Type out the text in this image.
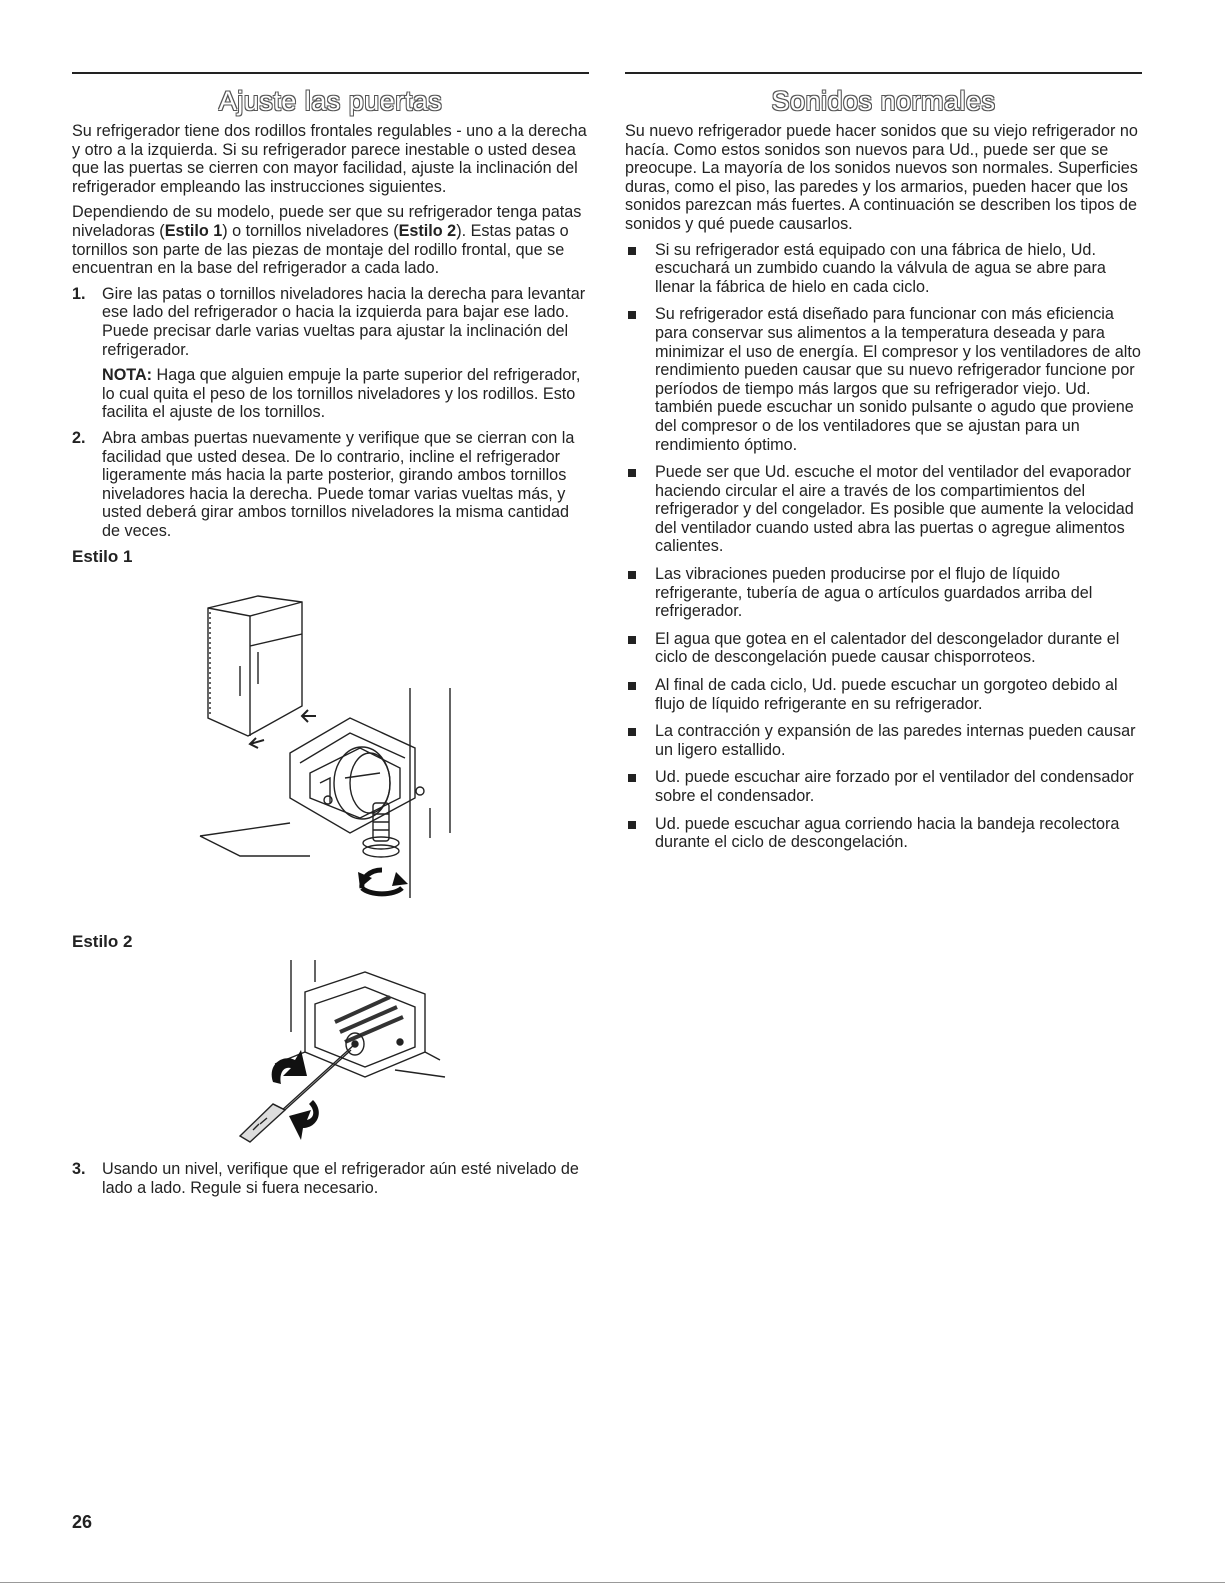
Ajuste las puertas

Su refrigerador tiene dos rodillos frontales regulables - uno a la derecha y otro a la izquierda. Si su refrigerador parece inestable o usted desea que las puertas se cierren con mayor facilidad, ajuste la inclinación del refrigerador empleando las instrucciones siguientes.

Dependiendo de su modelo, puede ser que su refrigerador tenga patas niveladoras (Estilo 1) o tornillos niveladores (Estilo 2). Estas patas o tornillos son parte de las piezas de montaje del rodillo frontal, que se encuentran en la base del refrigerador a cada lado.

1. Gire las patas o tornillos niveladores hacia la derecha para levantar ese lado del refrigerador o hacia la izquierda para bajar ese lado. Puede precisar darle varias vueltas para ajustar la inclinación del refrigerador.

NOTA: Haga que alguien empuje la parte superior del refrigerador, lo cual quita el peso de los tornillos niveladores y los rodillos. Esto facilita el ajuste de los tornillos.

2. Abra ambas puertas nuevamente y verifique que se cierran con la facilidad que usted desea. De lo contrario, incline el refrigerador ligeramente más hacia la parte posterior, girando ambos tornillos niveladores hacia la derecha. Puede tomar varias vueltas más, y usted deberá girar ambos tornillos niveladores la misma cantidad de veces.

Estilo 1
Estilo 2
3. Usando un nivel, verifique que el refrigerador aún esté nivelado de lado a lado. Regule si fuera necesario.

Sonidos normales

Su nuevo refrigerador puede hacer sonidos que su viejo refrigerador no hacía. Como estos sonidos son nuevos para Ud., puede ser que se preocupe. La mayoría de los sonidos nuevos son normales. Superficies duras, como el piso, las paredes y los armarios, pueden hacer que los sonidos parezcan más fuertes. A continuación se describen los tipos de sonidos y qué puede causarlos.

Si su refrigerador está equipado con una fábrica de hielo, Ud. escuchará un zumbido cuando la válvula de agua se abre para llenar la fábrica de hielo en cada ciclo.
Su refrigerador está diseñado para funcionar con más eficiencia para conservar sus alimentos a la temperatura deseada y para minimizar el uso de energía. El compresor y los ventiladores de alto rendimiento pueden causar que su nuevo refrigerador funcione por períodos de tiempo más largos que su refrigerador viejo. Ud. también puede escuchar un sonido pulsante o agudo que proviene del compresor o de los ventiladores que se ajustan para un rendimiento óptimo.
Puede ser que Ud. escuche el motor del ventilador del evaporador haciendo circular el aire a través de los compartimientos del refrigerador y del congelador. Es posible que aumente la velocidad del ventilador cuando usted abra las puertas o agregue alimentos calientes.
Las vibraciones pueden producirse por el flujo de líquido refrigerante, tubería de agua o artículos guardados arriba del refrigerador.
El agua que gotea en el calentador del descongelador durante el ciclo de descongelación puede causar chisporroteos.
Al final de cada ciclo, Ud. puede escuchar un gorgoteo debido al flujo de líquido refrigerante en su refrigerador.
La contracción y expansión de las paredes internas pueden causar un ligero estallido.
Ud. puede escuchar aire forzado por el ventilador del condensador sobre el condensador.
Ud. puede escuchar agua corriendo hacia la bandeja recolectora durante el ciclo de descongelación.
26
